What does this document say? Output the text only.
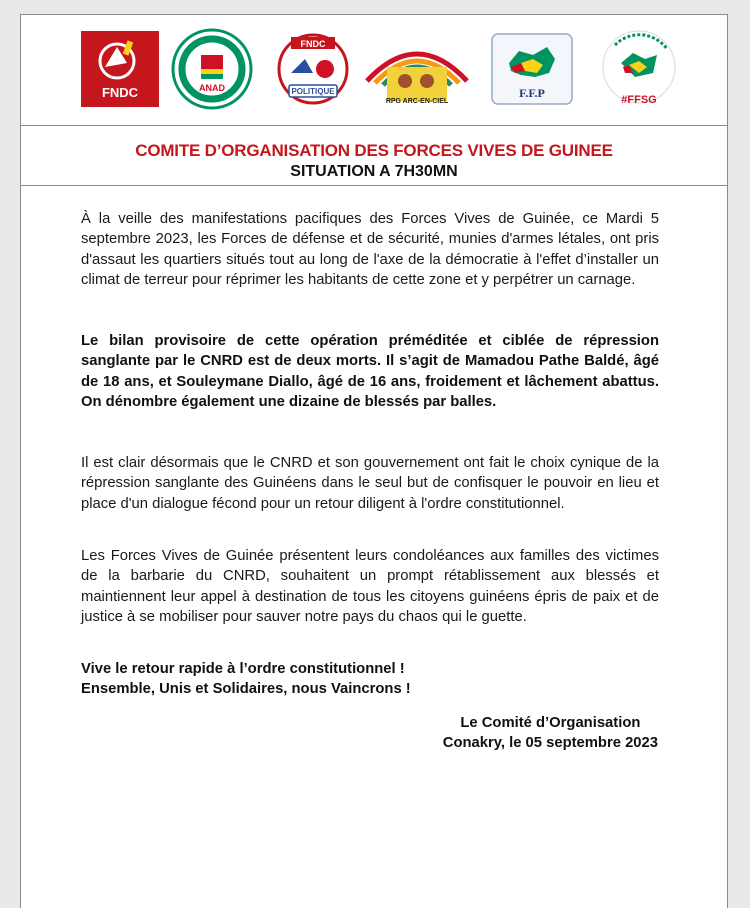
FNDC	ANAD
FNDC
POLITIQUE
RPG ARC-EN-CIEL
F.F.P	#FFSG
COMITE D’ORGANISATION DES FORCES VIVES DE GUINEE
SITUATION A 7H30MN

À la veille des manifestations pacifiques des Forces Vives de Guinée, ce Mardi 5 septembre 2023, les Forces de défense et de sécurité, munies d'armes létales, ont pris d'assaut les quartiers situés tout au long de l'axe de la démocratie à l'effet d’installer un climat de terreur pour réprimer les habitants de cette zone et y perpétrer un carnage.

Le bilan provisoire de cette opération préméditée et ciblée de répression sanglante par le CNRD est de deux morts. Il s’agit de Mamadou Pathe Baldé, âgé de 18 ans, et Souleymane Diallo, âgé de 16 ans, froidement et lâchement abattus. On dénombre également une dizaine de blessés par balles.

Il est clair désormais que le CNRD et son gouvernement ont fait le choix cynique de la répression sanglante des Guinéens dans le seul but de confisquer le pouvoir en lieu et place d'un dialogue fécond pour un retour diligent à l'ordre constitutionnel.

Les Forces Vives de Guinée présentent leurs condoléances aux familles des victimes de la barbarie du CNRD, souhaitent un prompt rétablissement aux blessés et maintiennent leur appel à destination de tous les citoyens guinéens épris de paix et de justice à se mobiliser pour sauver notre pays du chaos qui le guette.

Vive le retour rapide à l’ordre constitutionnel !

Ensemble, Unis et Solidaires, nous Vaincrons !

Le Comité d’Organisation
Conakry, le 05 septembre 2023
